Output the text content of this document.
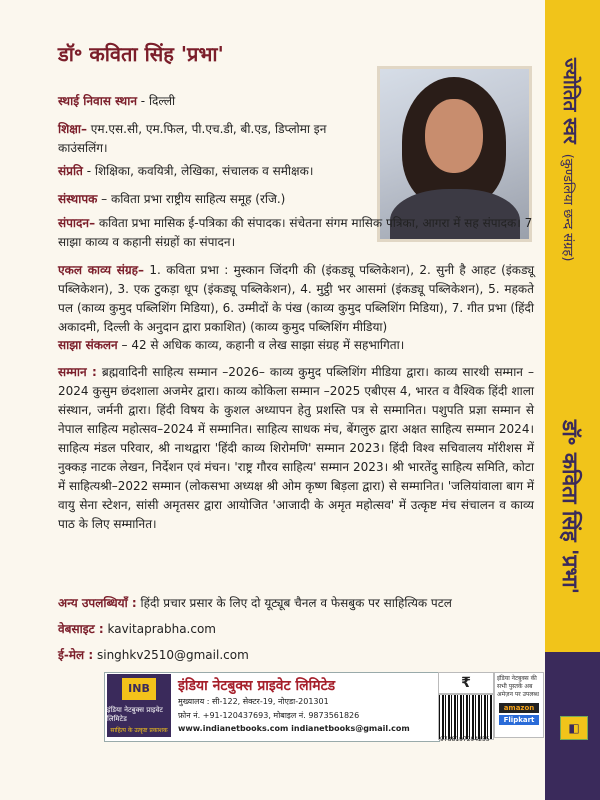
ज्योतित स्वर(कुण्डलिया छन्द संग्रह)
डॉ॰ कविता सिंह 'प्रभा'
◧
डॉ॰ कविता सिंह 'प्रभा'
स्थाई निवास स्थान - दिल्ली
शिक्षा– एम.एस.सी, एम.फिल, पी.एच.डी, बी.एड, डिप्लोमा इन काउंसलिंग।
संप्रति - शिक्षिका, कवयित्री, लेखिका, संचालक व समीक्षक।
संस्थापक – कविता प्रभा राष्ट्रीय साहित्य समूह (रजि.)
संपादन– कविता प्रभा मासिक ई-पत्रिका की संपादक। संचेतना संगम मासिक पत्रिका, आगरा में सह संपादक। 7 साझा काव्य व कहानी संग्रहों का संपादन।
एकल काव्य संग्रह– 1. कविता प्रभा : मुस्कान जिंदगी की (इंकड्यू पब्लिकेशन), 2. सुनी है आहट (इंकड्यू पब्लिकेशन), 3. एक टुकड़ा धूप (इंकड्यू पब्लिकेशन), 4. मुट्ठी भर आसमां (इंकड्यू पब्लिकेशन), 5. महकते पल (काव्य कुमुद पब्लिशिंग मिडिया), 6. उम्मीदों के पंख (काव्य कुमुद पब्लिशिंग मिडिया), 7. गीत प्रभा (हिंदी अकादमी, दिल्ली के अनुदान द्वारा प्रकाशित) (काव्य कुमुद पब्लिशिंग मीडिया)
साझा संकलन – 42 से अधिक काव्य, कहानी व लेख साझा संग्रह में सहभागिता।
सम्मान : ब्रह्मवादिनी साहित्य सम्मान –2026– काव्य कुमुद पब्लिशिंग मीडिया द्वारा। काव्य सारथी सम्मान –2024 कुसुम छंदशाला अजमेर द्वारा। काव्य कोकिला सम्मान –2025 एबीएस 4, भारत व वैश्विक हिंदी शाला संस्थान, जर्मनी द्वारा। हिंदी विषय के कुशल अध्यापन हेतु प्रशस्ति पत्र से सम्मानित। पशुपति प्रज्ञा सम्मान से नेपाल साहित्य महोत्सव–2024 में सम्मानित। साहित्य साधक मंच, बेंगलुरु द्वारा अक्षत साहित्य सम्मान 2024। साहित्य मंडल परिवार, श्री नाथद्वारा 'हिंदी काव्य शिरोमणि' सम्मान 2023। हिंदी विश्व सचिवालय मॉरीशस में नुक्कड़ नाटक लेखन, निर्देशन एवं मंचन। 'राष्ट्र गौरव साहित्य' सम्मान 2023। श्री भारतेंदु साहित्य समिति, कोटा में साहित्यश्री–2022 सम्मान (लोकसभा अध्यक्ष श्री ओम कृष्ण बिड़ला द्वारा) से सम्मानित। 'जलियांवाला बाग में वायु सेना स्टेशन, सांसी अमृतसर द्वारा आयोजित 'आजादी के अमृत महोत्सव' में उत्कृष्ट मंच संचालन व काव्य पाठ के लिए सम्मानित।
अन्य उपलब्धियाँ : हिंदी प्रचार प्रसार के लिए दो यूट्यूब चैनल व फेसबुक पर साहित्यिक पटल
वेबसाइट : kavitaprabha.com
ई-मेल : singhkv2510@gmail.com
INB
इंडिया नेटबुक्स प्राइवेट लिमिटेड
साहित्य के उत्कृष्ट प्रकाशक
इंडिया नेटबुक्स प्राइवेट लिमिटेड
मुख्यालय : सी-122, सेक्टर-19, नोएडा-201301
फ़ोन नं. +91-120437693, मोबाइल नं. 9873561826
www.indianetbooks.com indianetbooks@gmail.com
₹
9788197294255
इंडिया नेटबुक्स की सभी पुस्तकें अब अमेज़न पर उपलब्ध
amazon
Flipkart
